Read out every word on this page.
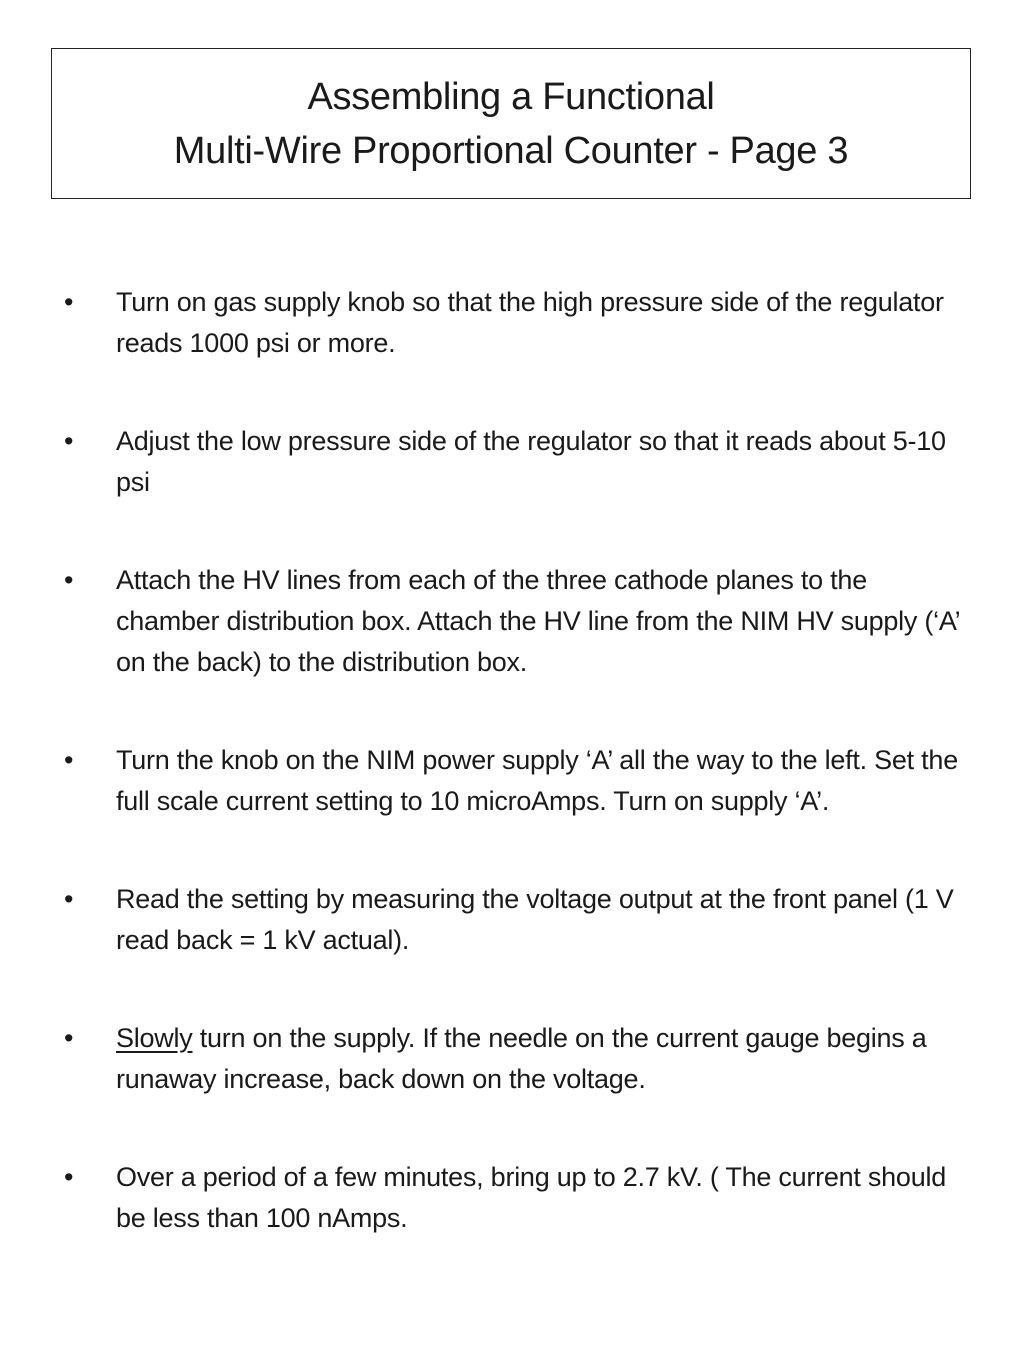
Assembling a Functional
Multi-Wire Proportional Counter - Page 3
• Turn on gas supply knob so that the high pressure side of the regulator reads 1000 psi or more.
• Adjust the low pressure side of the regulator so that it reads about 5-10 psi
• Attach the HV lines from each of the three cathode planes to the chamber distribution box. Attach the HV line from the NIM HV supply (‘A’ on the back) to the distribution box.
• Turn the knob on the NIM power supply ‘A’ all the way to the left. Set the full scale current setting to 10 microAmps. Turn on supply ‘A’.
• Read the setting by measuring the voltage output at the front panel (1 V read back = 1 kV actual).
• Slowly turn on the supply. If the needle on the current gauge begins a runaway increase, back down on the voltage.
• Over a period of a few minutes, bring up to 2.7 kV. ( The current should be less than 100 nAmps.
